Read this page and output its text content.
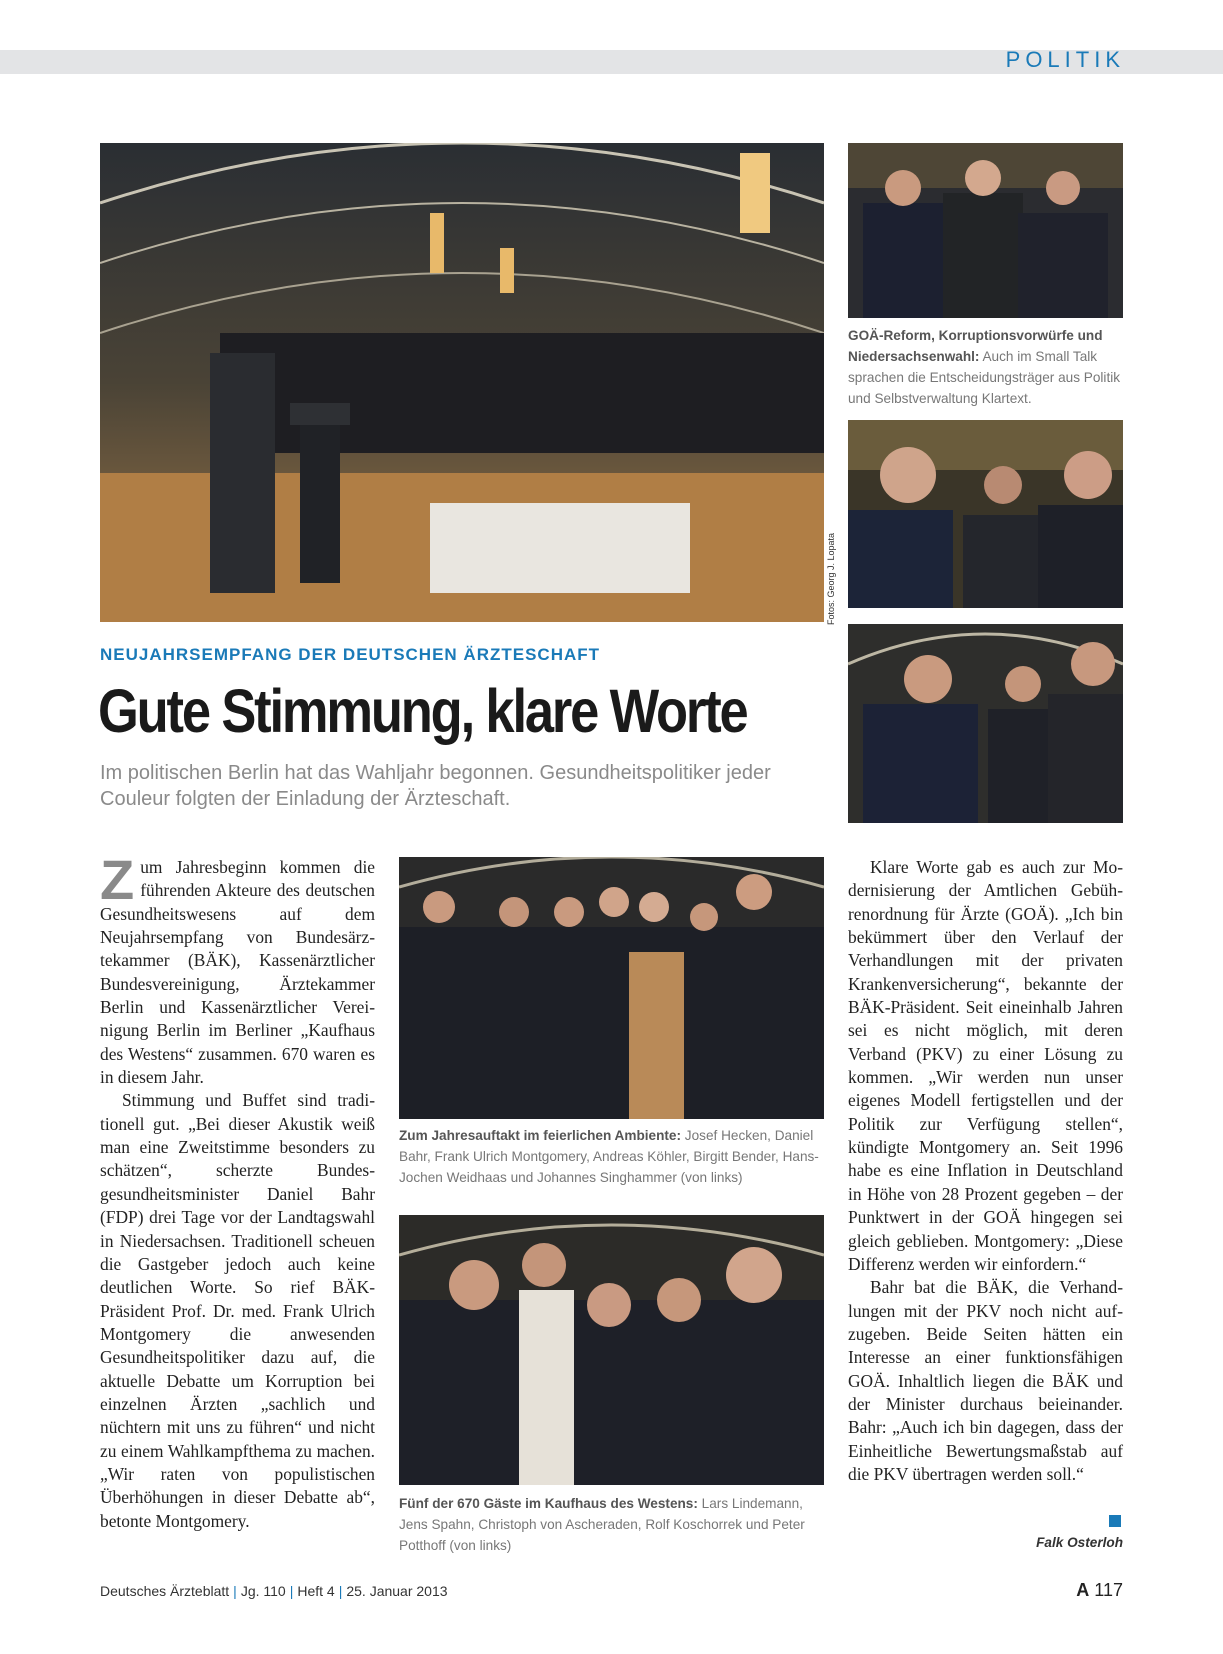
POLITIK
Fotos: Georg J. Lopata

GOÄ-Reform, Korruptionsvorwürfe und Niedersachsenwahl: Auch im Small Talk sprachen die Entscheidungsträger aus Politik und Selbstverwaltung Klartext.

NEUJAHRSEMPFANG DER DEUTSCHEN ÄRZTESCHAFT
Gute Stimmung, klare Worte

Im politischen Berlin hat das Wahljahr begonnen. Gesundheitspolitiker jeder Couleur folgten der Einladung der Ärzteschaft.

Zum Jahresbeginn kommen die führenden Akteure des deutschen Gesundheitswesens auf dem Neujahrsempfang von Bundesärztekammer (BÄK), Kassenärztlicher Bundesvereinigung, Ärztekammer Berlin und Kassenärztlicher Vereinigung Berlin im Berliner „Kaufhaus des Westens“ zusammen. 670 waren es in diesem Jahr.

Stimmung und Buffet sind traditionell gut. „Bei dieser Akustik weiß man eine Zweitstimme besonders zu schätzen“, scherzte Bundesgesundheitsminister Daniel Bahr (FDP) drei Tage vor der Landtagswahl in Niedersachsen. Traditionell scheuen die Gastgeber jedoch auch keine deutlichen Worte. So rief BÄK-Präsident Prof. Dr. med. Frank Ulrich Montgomery die anwesenden Gesundheitspolitiker dazu auf, die aktuelle Debatte um Korruption bei einzelnen Ärzten „sachlich und nüchtern mit uns zu führen“ und nicht zu einem Wahlkampfthema zu machen. „Wir raten von populistischen Überhöhungen in dieser Debatte ab“, betonte Montgomery.

Zum Jahresauftakt im feierlichen Ambiente: Josef Hecken, Daniel Bahr, Frank Ulrich Montgomery, Andreas Köhler, Birgitt Bender, Hans-Jochen Weidhaas und Johannes Singhammer (von links)

Fünf der 670 Gäste im Kaufhaus des Westens: Lars Lindemann, Jens Spahn, Christoph von Ascheraden, Rolf Koschorrek und Peter Potthoff (von links)

Klare Worte gab es auch zur Modernisierung der Amtlichen Gebührenordnung für Ärzte (GOÄ). „Ich bin bekümmert über den Verlauf der Verhandlungen mit der privaten Krankenversicherung“, bekannte der BÄK-Präsident. Seit eineinhalb Jahren sei es nicht möglich, mit deren Verband (PKV) zu einer Lösung zu kommen. „Wir werden nun unser eigenes Modell fertigstellen und der Politik zur Verfügung stellen“, kündigte Montgomery an. Seit 1996 habe es eine Inflation in Deutschland in Höhe von 28 Prozent gegeben – der Punktwert in der GOÄ hingegen sei gleich geblieben. Montgomery: „Diese Differenz werden wir einfordern.“

Bahr bat die BÄK, die Verhandlungen mit der PKV noch nicht aufzugeben. Beide Seiten hätten ein Interesse an einer funktionsfähigen GOÄ. Inhaltlich liegen die BÄK und der Minister durchaus beieinander. Bahr: „Auch ich bin dagegen, dass der Einheitliche Bewertungsmaßstab auf die PKV übertragen werden soll.“

Falk Osterloh
Deutsches Ärzteblatt | Jg. 110 | Heft 4 | 25. Januar 2013	A 117
